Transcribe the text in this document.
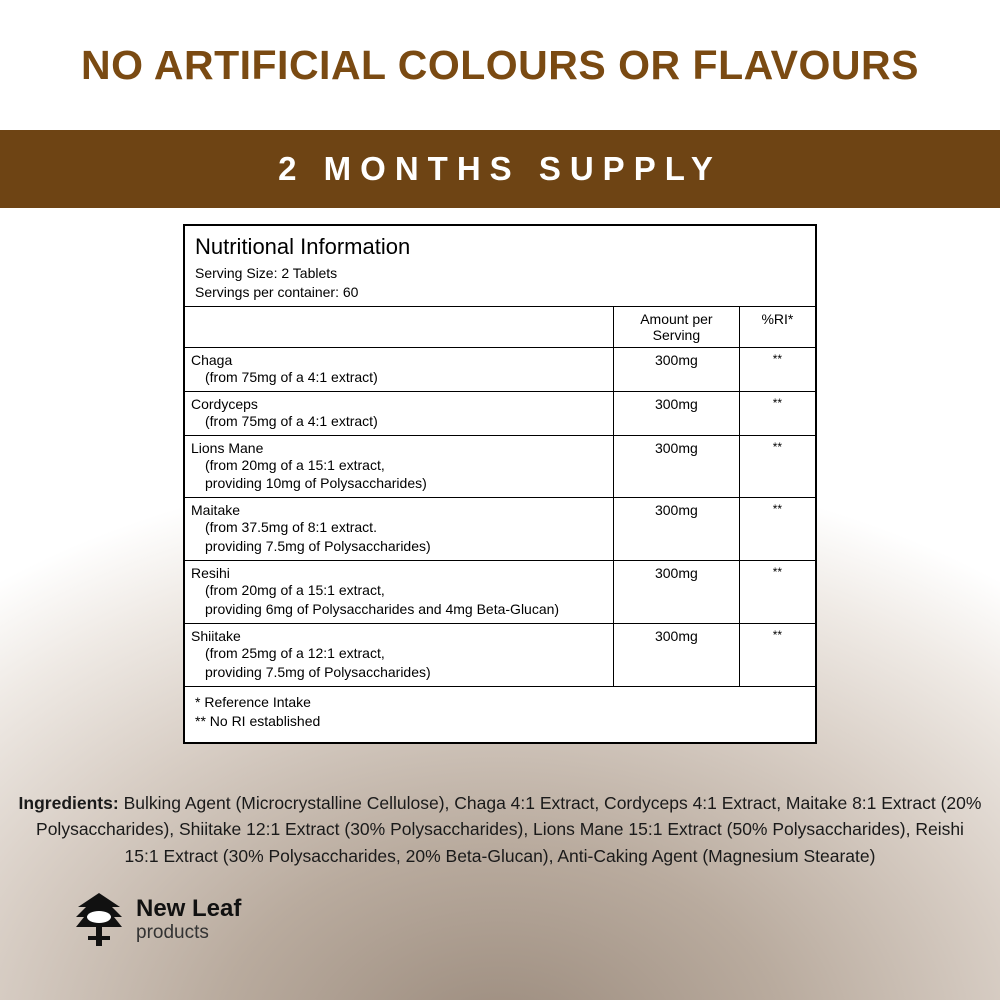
NO ARTIFICIAL COLOURS OR FLAVOURS
2 MONTHS SUPPLY
Nutritional Information
Serving Size: 2 Tablets
Servings per container: 60
	Amount per Serving	%RI*

Chaga
(from 75mg of a 4:1 extract)	300mg	**

Cordyceps
(from 75mg of a 4:1 extract)	300mg	**

Lions Mane
(from 20mg of a 15:1 extract,
providing 10mg of Polysaccharides)	300mg	**

Maitake
(from 37.5mg of 8:1 extract.
providing 7.5mg of Polysaccharides)	300mg	**

Resihi
(from 20mg of a 15:1 extract,
providing 6mg of Polysaccharides and 4mg Beta-Glucan)	300mg	**

Shiitake
(from 25mg of a 12:1 extract,
providing 7.5mg of Polysaccharides)	300mg	**
* Reference Intake
** No RI established
Ingredients: Bulking Agent (Microcrystalline Cellulose), Chaga 4:1 Extract, Cordyceps 4:1 Extract, Maitake 8:1 Extract (20% Polysaccharides), Shiitake 12:1 Extract (30% Polysaccharides), Lions Mane 15:1 Extract (50% Polysaccharides), Reishi 15:1 Extract (30% Polysaccharides, 20% Beta-Glucan), Anti-Caking Agent (Magnesium Stearate)
New Leaf
products
